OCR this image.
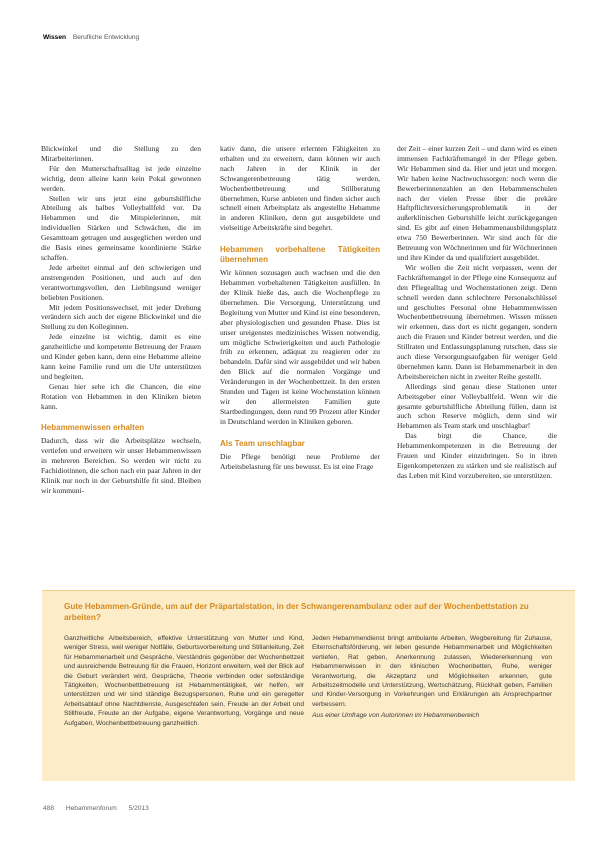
Wissen Berufliche Entwicklung

Blickwinkel und die Stellung zu den Mitarbeiterinnen.

Für den Mutterschaftsalltag ist jede einzelne wichtig, denn alleine kann kein Pokal gewonnen werden.

Stellen wir uns jetzt eine geburtshilfliche Abteilung als halbes Volleyballfeld vor. Da Hebammen und die Mitspielerinnen, mit individuellen Stärken und Schwächen, die im Gesamtteam getragen und ausgeglichen werden und die Basis eines gemeinsame koordinierte Stärke schaffen.

Jede arbeitet einmal auf den schwierigen und anstrengenden Positionen, und auch auf den verantwortungsvollen, den Lieblingsund weniger beliebten Positionen.

Mit jedem Positionswechsel, mit jeder Drehung verändern sich auch der eigene Blickwinkel und die Stellung zu den Kolleginnen.

Jede einzelne ist wichtig, damit es eine ganzheitliche und kompetente Betreuung der Frauen und Kinder geben kann, denn eine Hebamme alleine kann keine Familie rund um die Uhr unterstützen und begleiten.

Genau hier sehe ich die Chancen, die eine Rotation von Hebammen in den Kliniken bieten kann.

Hebammenwissen erhalten

Dadurch, dass wir die Arbeitsplätze wechseln, vertiefen und erweitern wir unser Hebammenwissen in mehreren Bereichen. So werden wir nicht zu Fachidiotinnen, die schon nach ein paar Jahren in der Klinik nur noch in der Geburtshilfe fit sind. Bleiben wir kommuni-

kativ dann, die unsere erlernten Fähigkeiten zu erhalten und zu erweitern, dann können wir auch nach Jahren in der Klinik in der Schwangerenbetreuung tätig werden, Wochenbettbetreuung und Stillberatung übernehmen, Kurse anbieten und finden sicher auch schnell einen Arbeitsplatz als angestellte Hebamme in anderen Kliniken, denn gut ausgebildete und vielseitige Arbeitskräfte sind begehrt.

Hebammen vorbehaltene Tätigkeiten übernehmen

Wir können sozusagen auch wachsen und die den Hebammen vorbehaltenen Tätigkeiten ausfüllen. In der Klinik hieße das, auch die Wochenpflege zu übernehmen. Die Versorgung, Unterstützung und Begleitung von Mutter und Kind ist eine besonderen, aber physiologischen und gesunden Phase. Dies ist unser ureigenstes medizinisches Wissen notwendig, um mögliche Schwierigkeiten und auch Pathologie früh zu erkennen, adäquat zu reagieren oder zu behandeln. Dafür sind wir ausgebildet und wir haben den Blick auf die normalen Vorgänge und Veränderungen in der Wochenbettzeit. In den ersten Stunden und Tagen ist keine Wochenstation können wir den allermeisten Familien gute Startbedingungen, denn rund 99 Prozent aller Kinder in Deutschland werden in Kliniken geboren.

Als Team unschlagbar

Die Pflege benötigt neue Probleme der Arbeitsbelastung für uns bewusst. Es ist eine Frage

der Zeit – einer kurzen Zeit – und dann wird es einen immensen Fachkräftemangel in der Pflege geben. Wir Hebammen sind da. Hier und jetzt und morgen. Wir haben keine Nachwuchssorgen: noch wenn die Bewerberinnenzahlen an den Hebammenschulen nach der vielen Presse über die prekäre Haftpflichtversicherungsproblematik in der außerklinischen Geburtshilfe leicht zurückgegangen sind. Es gibt auf einen Hebammenausbildungsplatz etwa 750 Bewerberinnen. Wir sind auch für die Betreuung von Wöchnerinnen und für Wöchnerinnen und ihre Kinder da und qualifiziert ausgebildet.

Wir wollen die Zeit nicht verpassen, wenn der Fachkräftemangel in der Pflege eine Konsequenz auf den Pflegealltag und Wochenstationen zeigt. Denn schnell werden dann schlechtere Personalschlüssel und geschultes Personal ohne Hebammenwissen Wochenbettbetreuung übernehmen. Wissen müssen wir erkennen, dass dort es nicht gegangen, sondern auch die Frauen und Kinder betreut werden, und die Stillraten und Entlassungsplanung rutschen, dass sie auch diese Versorgungsaufgaben für weniger Geld übernehmen kann. Dann ist Hebammenarbeit in den Arbeitsbereichen nicht in zweiter Reihe gestellt.

Allerdings sind genau diese Stationen unter Arbeitsgeber einer Volleyballfeld. Wenn wir die gesamte geburtshilfliche Abteilung füllen, dann ist auch schon Reserve möglich, denn sind wir Hebammen als Team stark und unschlagbar!

Das birgt die Chance, die Hebammenkompetenzen in die Betreuung der Frauen und Kinder einzubringen. So in ihren Eigenkompetenzen zu stärken und sie realistisch auf das Leben mit Kind vorzubereiten, sie unterstützen.

Gute Hebammen-Gründe, um auf der Präpartalstation, in der Schwangerenambulanz oder auf der Wochenbettstation zu arbeiten?

Ganzheitliche Arbeitsbereich, effektive Unterstützung von Mutter und Kind, weniger Stress, weil weniger Notfälle, Geburtsvorbereitung und Stillanleitung, Zeit für Hebammenarbeit und Gespräche, Verständnis gegenüber der Wochenbettzeit und ausreichende Betreuung für die Frauen, Horizont erweitern, weil der Blick auf die Geburt verändert wird, Gespräche, Theorie verbinden oder selbständige Tätigkeiten, Wochenbettbetreuung ist Hebammentätigkeit, wir helfen, wir unterstützen und wir sind ständige Bezugspersonen, Ruhe und ein geregelter Arbeitsablauf ohne Nachtdienste, Ausgeschlafen sein, Freude an der Arbeit und Stillfreude, Freude an der Aufgabe, eigene Verantwortung, Vorgänge und neue Aufgaben, Wochenbettbetreuung ganzheitlich.

Jeden Hebammendienst bringt ambulante Arbeiten, Wegbereitung für Zuhause, Elternschaftsförderung, wir leben gesunde Hebammenarbeit und Möglichkeiten vertiefen, Rat geben, Anerkennung zulassen, Wiedererkennung von Hebammenwissen in den klinischen Wochenbetten, Ruhe, weniger Verantwortung, die Akzeptanz und Möglichkeiten erkennen, gute Arbeitszeitmodelle und Unterstützung, Wertschätzung, Rückhalt geben, Familien und Kinder-Versorgung in Vorkehrungen und Erklärungen als Ansprechpartner verbessern.

Aus einer Umfrage von Autorinnen im Hebammenbereich

488 Hebammenforum 5/2013
